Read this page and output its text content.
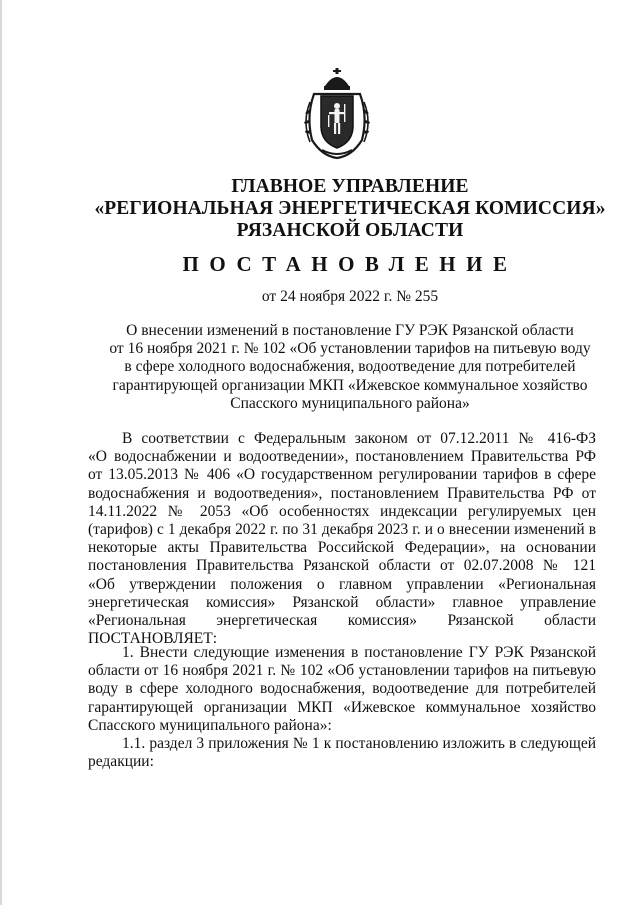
ГЛАВНОЕ УПРАВЛЕНИЕ
«РЕГИОНАЛЬНАЯ ЭНЕРГЕТИЧЕСКАЯ КОМИССИЯ»
РЯЗАНСКОЙ ОБЛАСТИ
ПОСТАНОВЛЕНИЕ
от 24 ноября 2022 г. № 255
О внесении изменений в постановление ГУ РЭК Рязанской области
от 16 ноября 2021 г. № 102 «Об установлении тарифов на питьевую воду
в сфере холодного водоснабжения, водоотведение для потребителей
гарантирующей организации МКП «Ижевское коммунальное хозяйство
Спасского муниципального района»
В соответствии с Федеральным законом от 07.12.2011 № 416-ФЗ
«О водоснабжении и водоотведении», постановлением Правительства РФ
от 13.05.2013 № 406 «О государственном регулировании тарифов в сфере
водоснабжения и водоотведения», постановлением Правительства РФ от
14.11.2022 № 2053 «Об особенностях индексации регулируемых цен
(тарифов) с 1 декабря 2022 г. по 31 декабря 2023 г. и о внесении изменений в
некоторые акты Правительства Российской Федерации», на основании
постановления Правительства Рязанской области от 02.07.2008 № 121
«Об утверждении положения о главном управлении «Региональная
энергетическая комиссия» Рязанской области» главное управление
«Региональная энергетическая комиссия» Рязанской области
ПОСТАНОВЛЯЕТ:
1. Внести следующие изменения в постановление ГУ РЭК Рязанской
области от 16 ноября 2021 г. № 102 «Об установлении тарифов на питьевую
воду в сфере холодного водоснабжения, водоотведение для потребителей
гарантирующей организации МКП «Ижевское коммунальное хозяйство
Спасского муниципального района»:
1.1. раздел 3 приложения № 1 к постановлению изложить в следующей
редакции:
